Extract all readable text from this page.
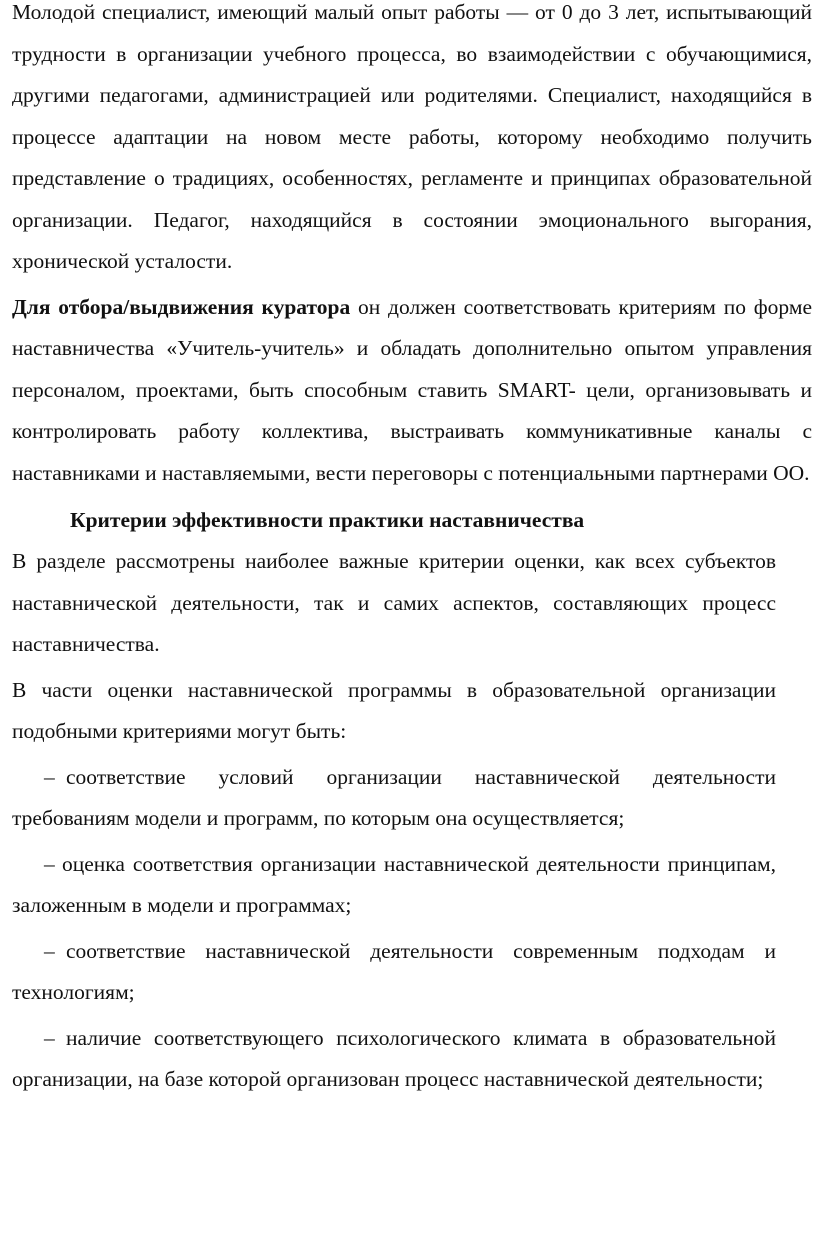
Молодой специалист, имеющий малый опыт работы — от 0 до 3 лет, испытывающий трудности в организации учебного процесса, во взаимодействии с обучающимися, другими педагогами, администрацией или родителями. Специалист, находящийся в процессе адаптации на новом месте работы, которому необходимо получить представление о традициях, особенностях, регламенте и принципах образовательной организации. Педагог, находящийся в состоянии эмоционального выгорания, хронической усталости.

Для отбора/выдвижения куратора он должен соответствовать критериям по форме наставничества «Учитель-учитель» и обладать дополнительно опытом управления персоналом, проектами, быть способным ставить SMART- цели, организовывать и контролировать работу коллектива, выстраивать коммуникативные каналы с наставниками и наставляемыми, вести переговоры с потенциальными партнерами ОО.

Критерии эффективности практики наставничества

В разделе рассмотрены наиболее важные критерии оценки, как всех субъектов наставнической деятельности, так и самих аспектов, составляющих процесс наставничества.

В части оценки наставнической программы в образовательной организации подобными критериями могут быть:

– соответствие условий организации наставнической деятельности требованиям модели и программ, по которым она осуществляется;

– оценка соответствия организации наставнической деятельности принципам, заложенным в модели и программах;

– соответствие наставнической деятельности современным подходам и технологиям;

– наличие соответствующего психологического климата в образовательной организации, на базе которой организован процесс наставнической деятельности;
